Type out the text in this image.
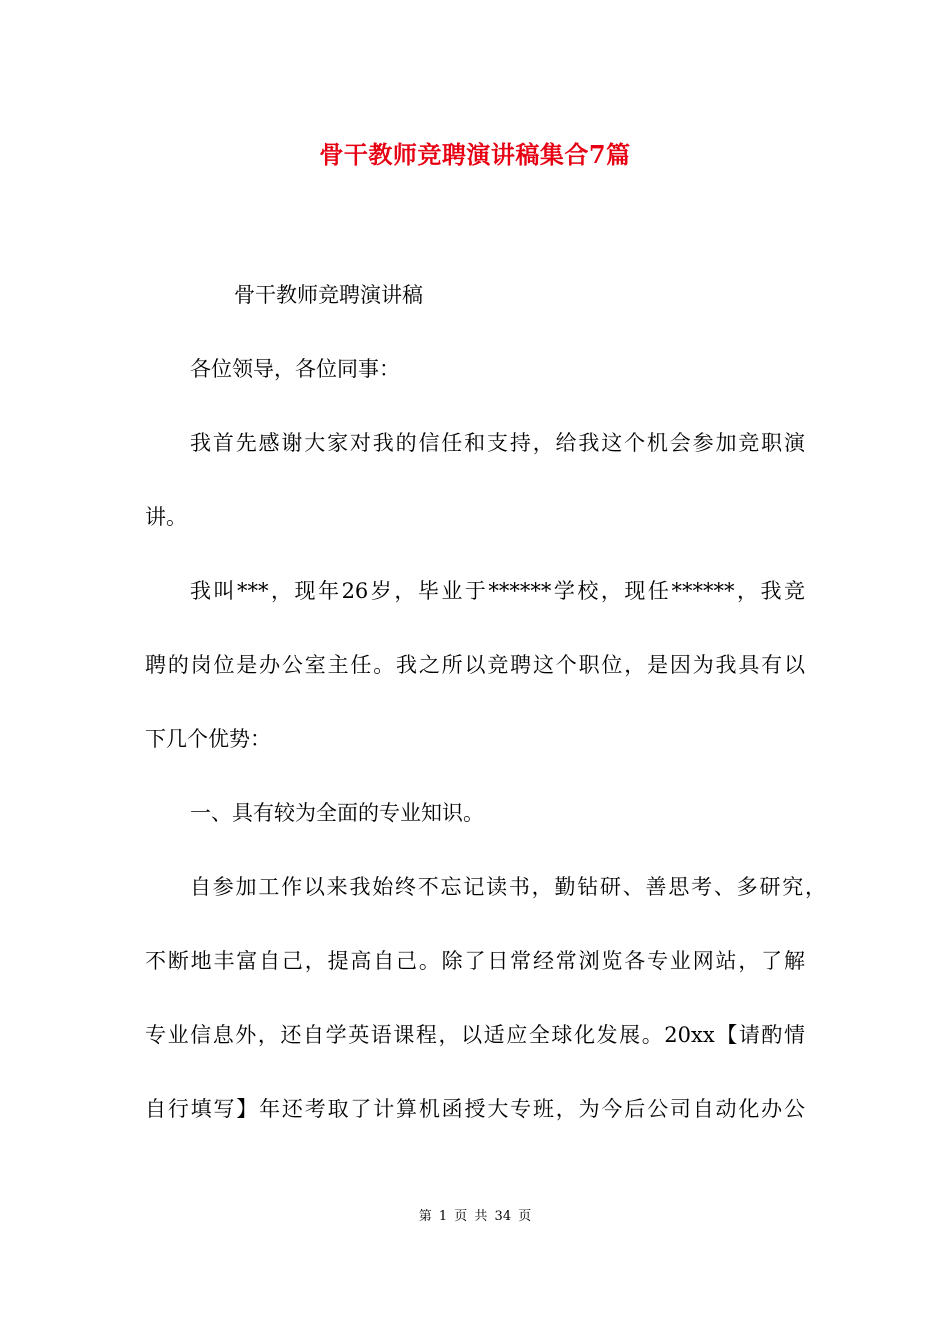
骨干教师竞聘演讲稿集合7篇
骨干教师竞聘演讲稿
各位领导，各位同事：
我首先感谢大家对我的信任和支持，给我这个机会参加竞职演
讲。
我叫***，现年26岁，毕业于******学校，现任******，我竞
聘的岗位是办公室主任。我之所以竞聘这个职位，是因为我具有以
下几个优势：
一、具有较为全面的专业知识。
自参加工作以来我始终不忘记读书，勤钻研、善思考、多研究，
不断地丰富自己，提高自己。除了日常经常浏览各专业网站，了解
专业信息外，还自学英语课程，以适应全球化发展。20xx【请酌情
自行填写】年还考取了计算机函授大专班，为今后公司自动化办公
第 1 页 共 34 页
